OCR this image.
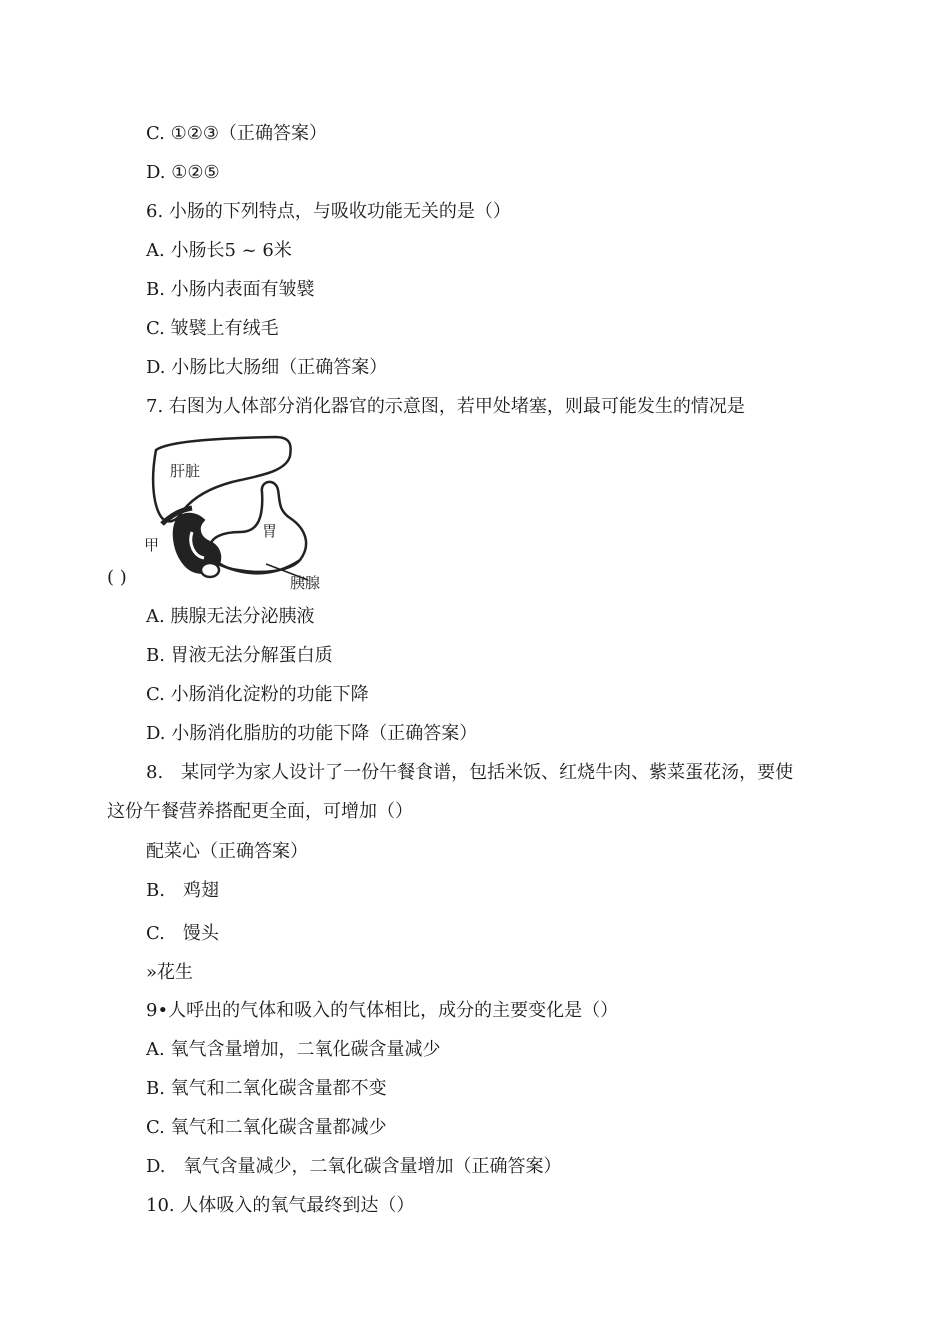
C. ①②③（正确答案）
D. ①②⑤
6. 小肠的下列特点，与吸收功能无关的是（）
A. 小肠长5 ~ 6米
B. 小肠内表面有皱襞
C. 皱襞上有绒毛
D. 小肠比大肠细（正确答案）
7. 右图为人体部分消化器官的示意图，若甲处堵塞，则最可能发生的情况是
肝脏
胃
甲
胰腺
( )
A. 胰腺无法分泌胰液
B. 胃液无法分解蛋白质
C. 小肠消化淀粉的功能下降
D. 小肠消化脂肪的功能下降（正确答案）
8.　某同学为家人设计了一份午餐食谱，包括米饭、红烧牛肉、紫菜蛋花汤，要使
这份午餐营养搭配更全面，可增加（）
配菜心（正确答案）
B.　鸡翅
C.　馒头
»花生
9•人呼出的气体和吸入的气体相比，成分的主要变化是（）
A. 氧气含量增加，二氧化碳含量减少
B. 氧气和二氧化碳含量都不变
C. 氧气和二氧化碳含量都减少
D.　氧气含量减少，二氧化碳含量增加（正确答案）
10. 人体吸入的氧气最终到达（）
